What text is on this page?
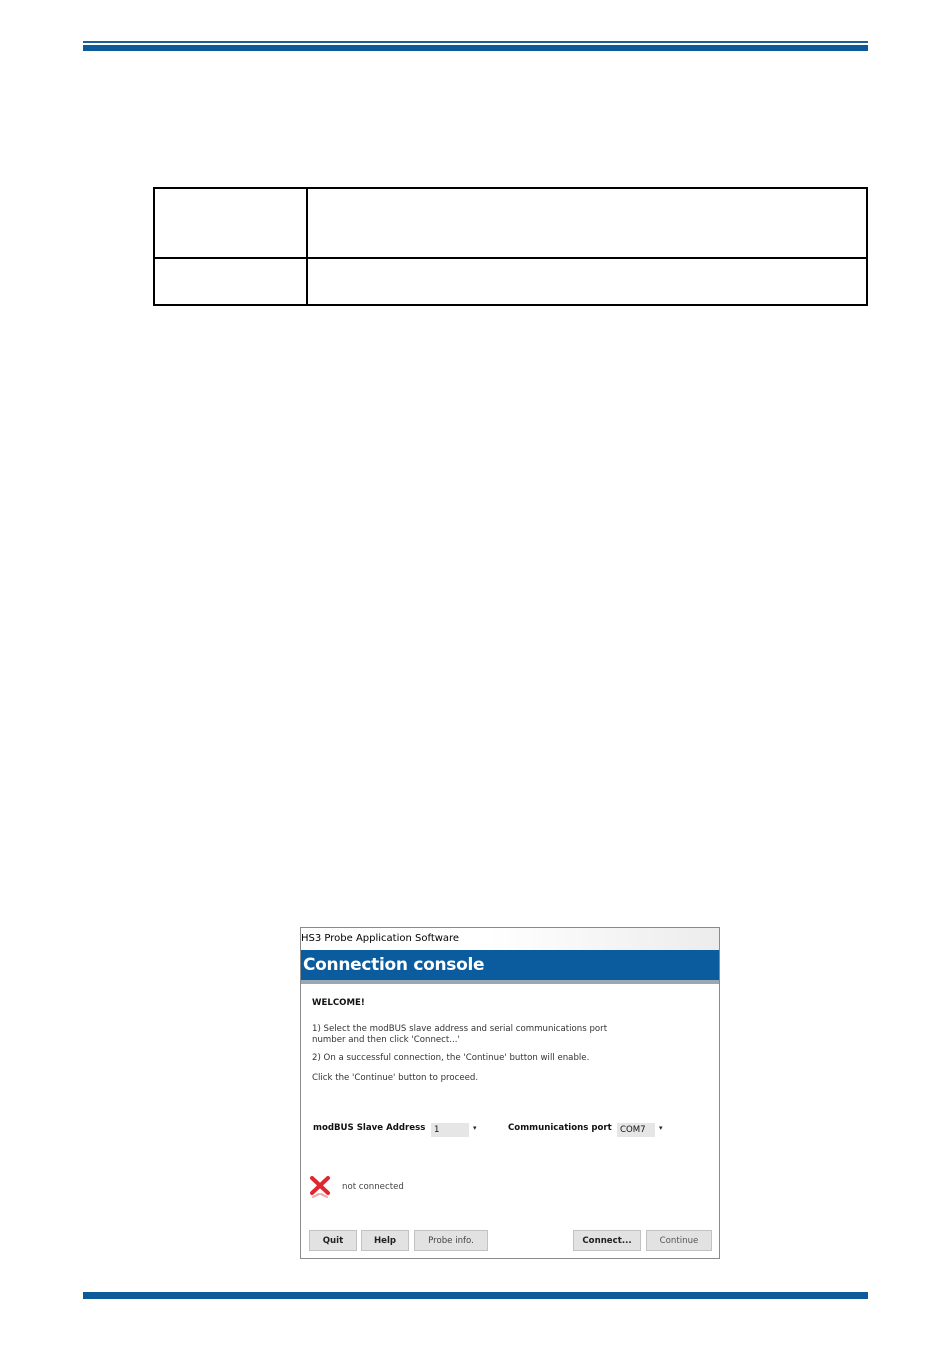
HS3 Probe Application Software
Connection console
WELCOME!
1) Select the modBUS slave address and serial communications port number and then click 'Connect...'
2) On a successful connection, the 'Continue' button will enable.
Click the 'Continue' button to proceed.
modBUS Slave Address	1	▾	Communications port COM7	▾
not connected
Quit	Help	Probe info.	Connect...	Continue
